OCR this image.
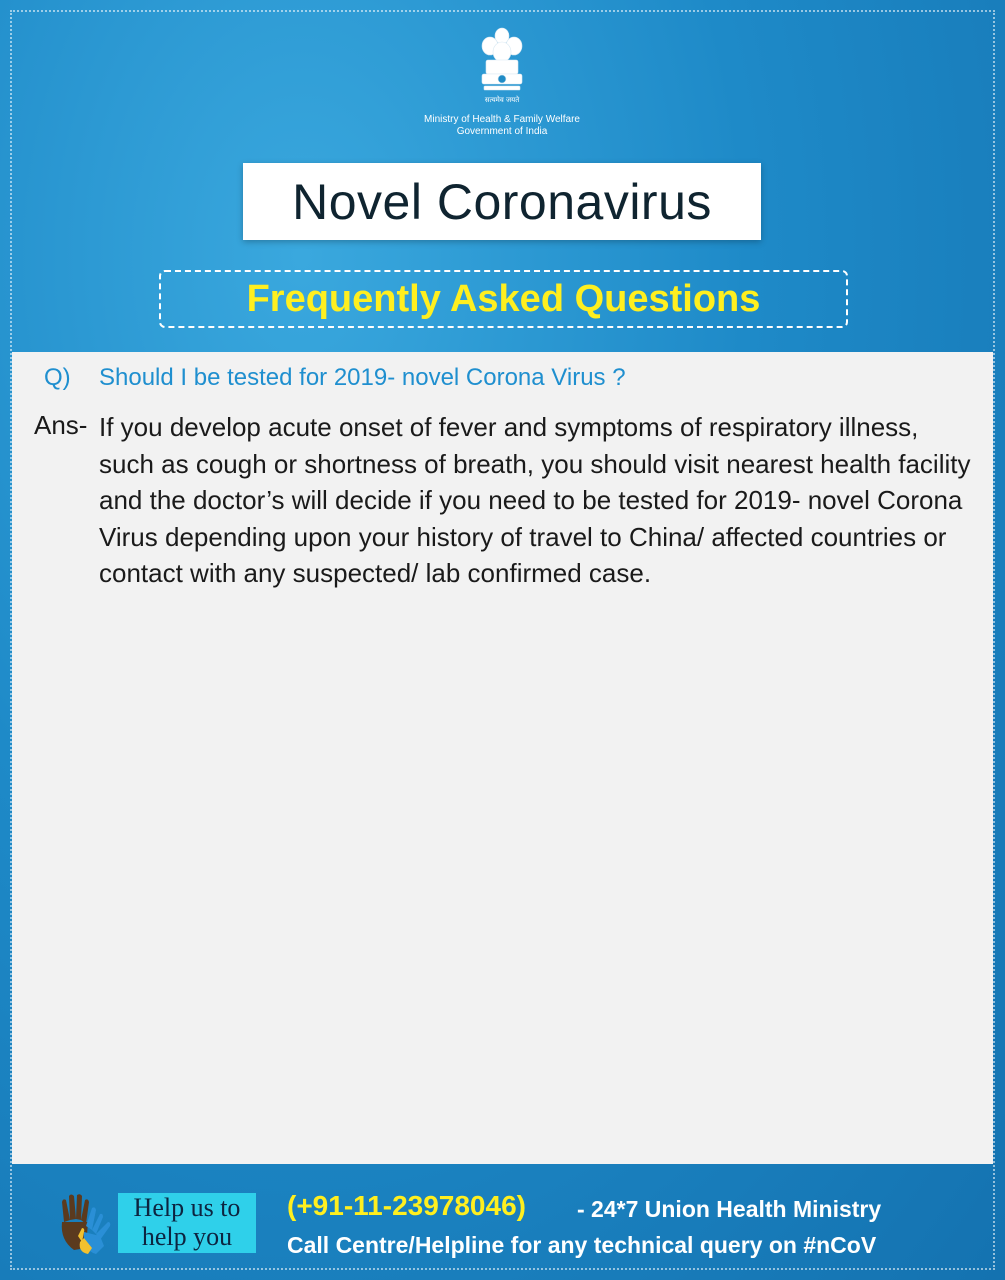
सत्यमेव जयते
Ministry of Health & Family Welfare
Government of India
Novel Coronavirus
Frequently Asked Questions
Q) Should I be tested for 2019- novel Corona Virus ?
Ans- If you develop acute onset of fever and symptoms of respiratory illness, such as cough or shortness of breath, you should visit nearest health facility and the doctor’s will decide if you need to be tested for 2019- novel Corona Virus depending upon your history of travel to China/ affected countries or contact with any suspected/ lab confirmed case.
Help us to
help you
(+91-11-23978046) - 24*7 Union Health Ministry
Call Centre/Helpline for any technical query on #nCoV
